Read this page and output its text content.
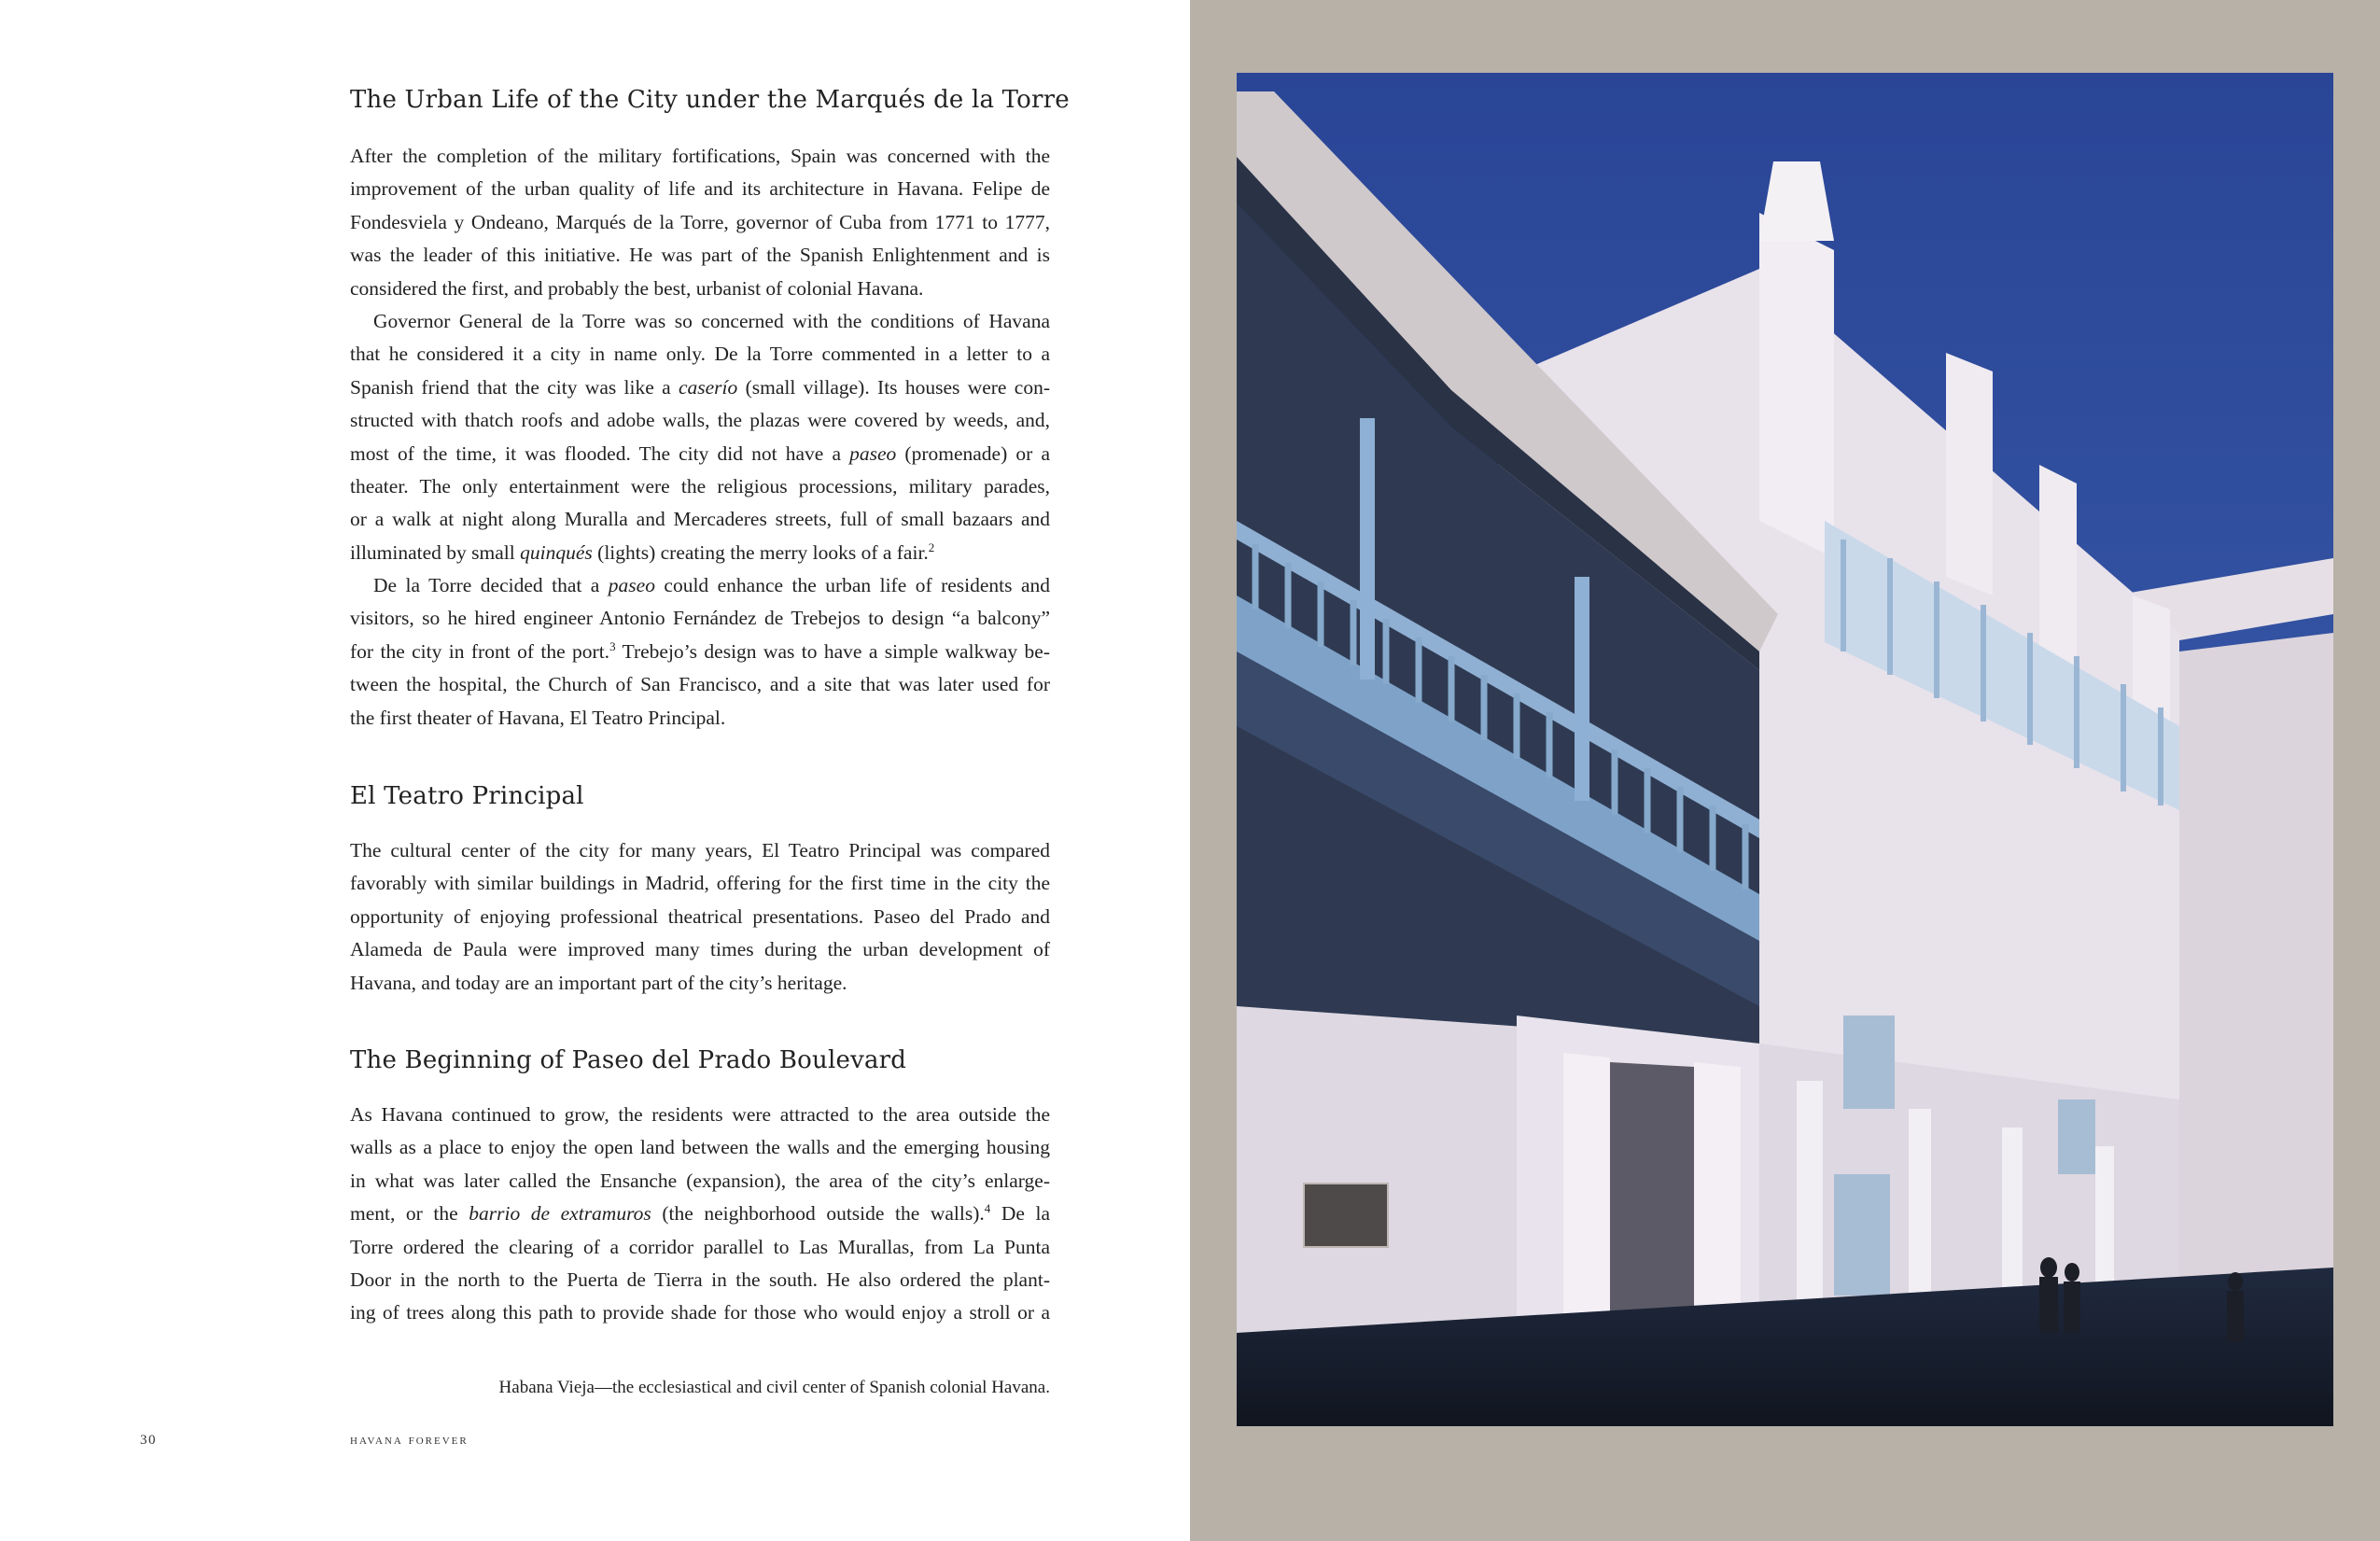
The Urban Life of the City under the Marqués de la Torre
After the completion of the military fortifications, Spain was concerned with the
improvement of the urban quality of life and its architecture in Havana. Felipe de
Fondesviela y Ondeano, Marqués de la Torre, governor of Cuba from 1771 to 1777,
was the leader of this initiative. He was part of the Spanish Enlightenment and is
considered the first, and probably the best, urbanist of colonial Havana.
Governor General de la Torre was so concerned with the conditions of Havana
that he considered it a city in name only. De la Torre commented in a letter to a
Spanish friend that the city was like a caserío (small village). Its houses were con-
structed with thatch roofs and adobe walls, the plazas were covered by weeds, and,
most of the time, it was flooded. The city did not have a paseo (promenade) or a
theater. The only entertainment were the religious processions, military parades,
or a walk at night along Muralla and Mercaderes streets, full of small bazaars and
illuminated by small quinqués (lights) creating the merry looks of a fair.$^2$
De la Torre decided that a paseo could enhance the urban life of residents and
visitors, so he hired engineer Antonio Fernández de Trebejos to design “a balcony”
for the city in front of the port.$^3$ Trebejo’s design was to have a simple walkway be-
tween the hospital, the Church of San Francisco, and a site that was later used for
the first theater of Havana, El Teatro Principal.
El Teatro Principal
The cultural center of the city for many years, El Teatro Principal was compared
favorably with similar buildings in Madrid, offering for the first time in the city the
opportunity of enjoying professional theatrical presentations. Paseo del Prado and
Alameda de Paula were improved many times during the urban development of
Havana, and today are an important part of the city’s heritage.
The Beginning of Paseo del Prado Boulevard
As Havana continued to grow, the residents were attracted to the area outside the
walls as a place to enjoy the open land between the walls and the emerging housing
in what was later called the Ensanche (expansion), the area of the city’s enlarge-
ment, or the barrio de extramuros (the neighborhood outside the walls).$^4$ De la
Torre ordered the clearing of a corridor parallel to Las Murallas, from La Punta
Door in the north to the Puerta de Tierra in the south. He also ordered the plant-
ing of trees along this path to provide shade for those who would enjoy a stroll or a

Habana Vieja—the ecclesiastical and civil center of Spanish colonial Havana.

30	havana forever
